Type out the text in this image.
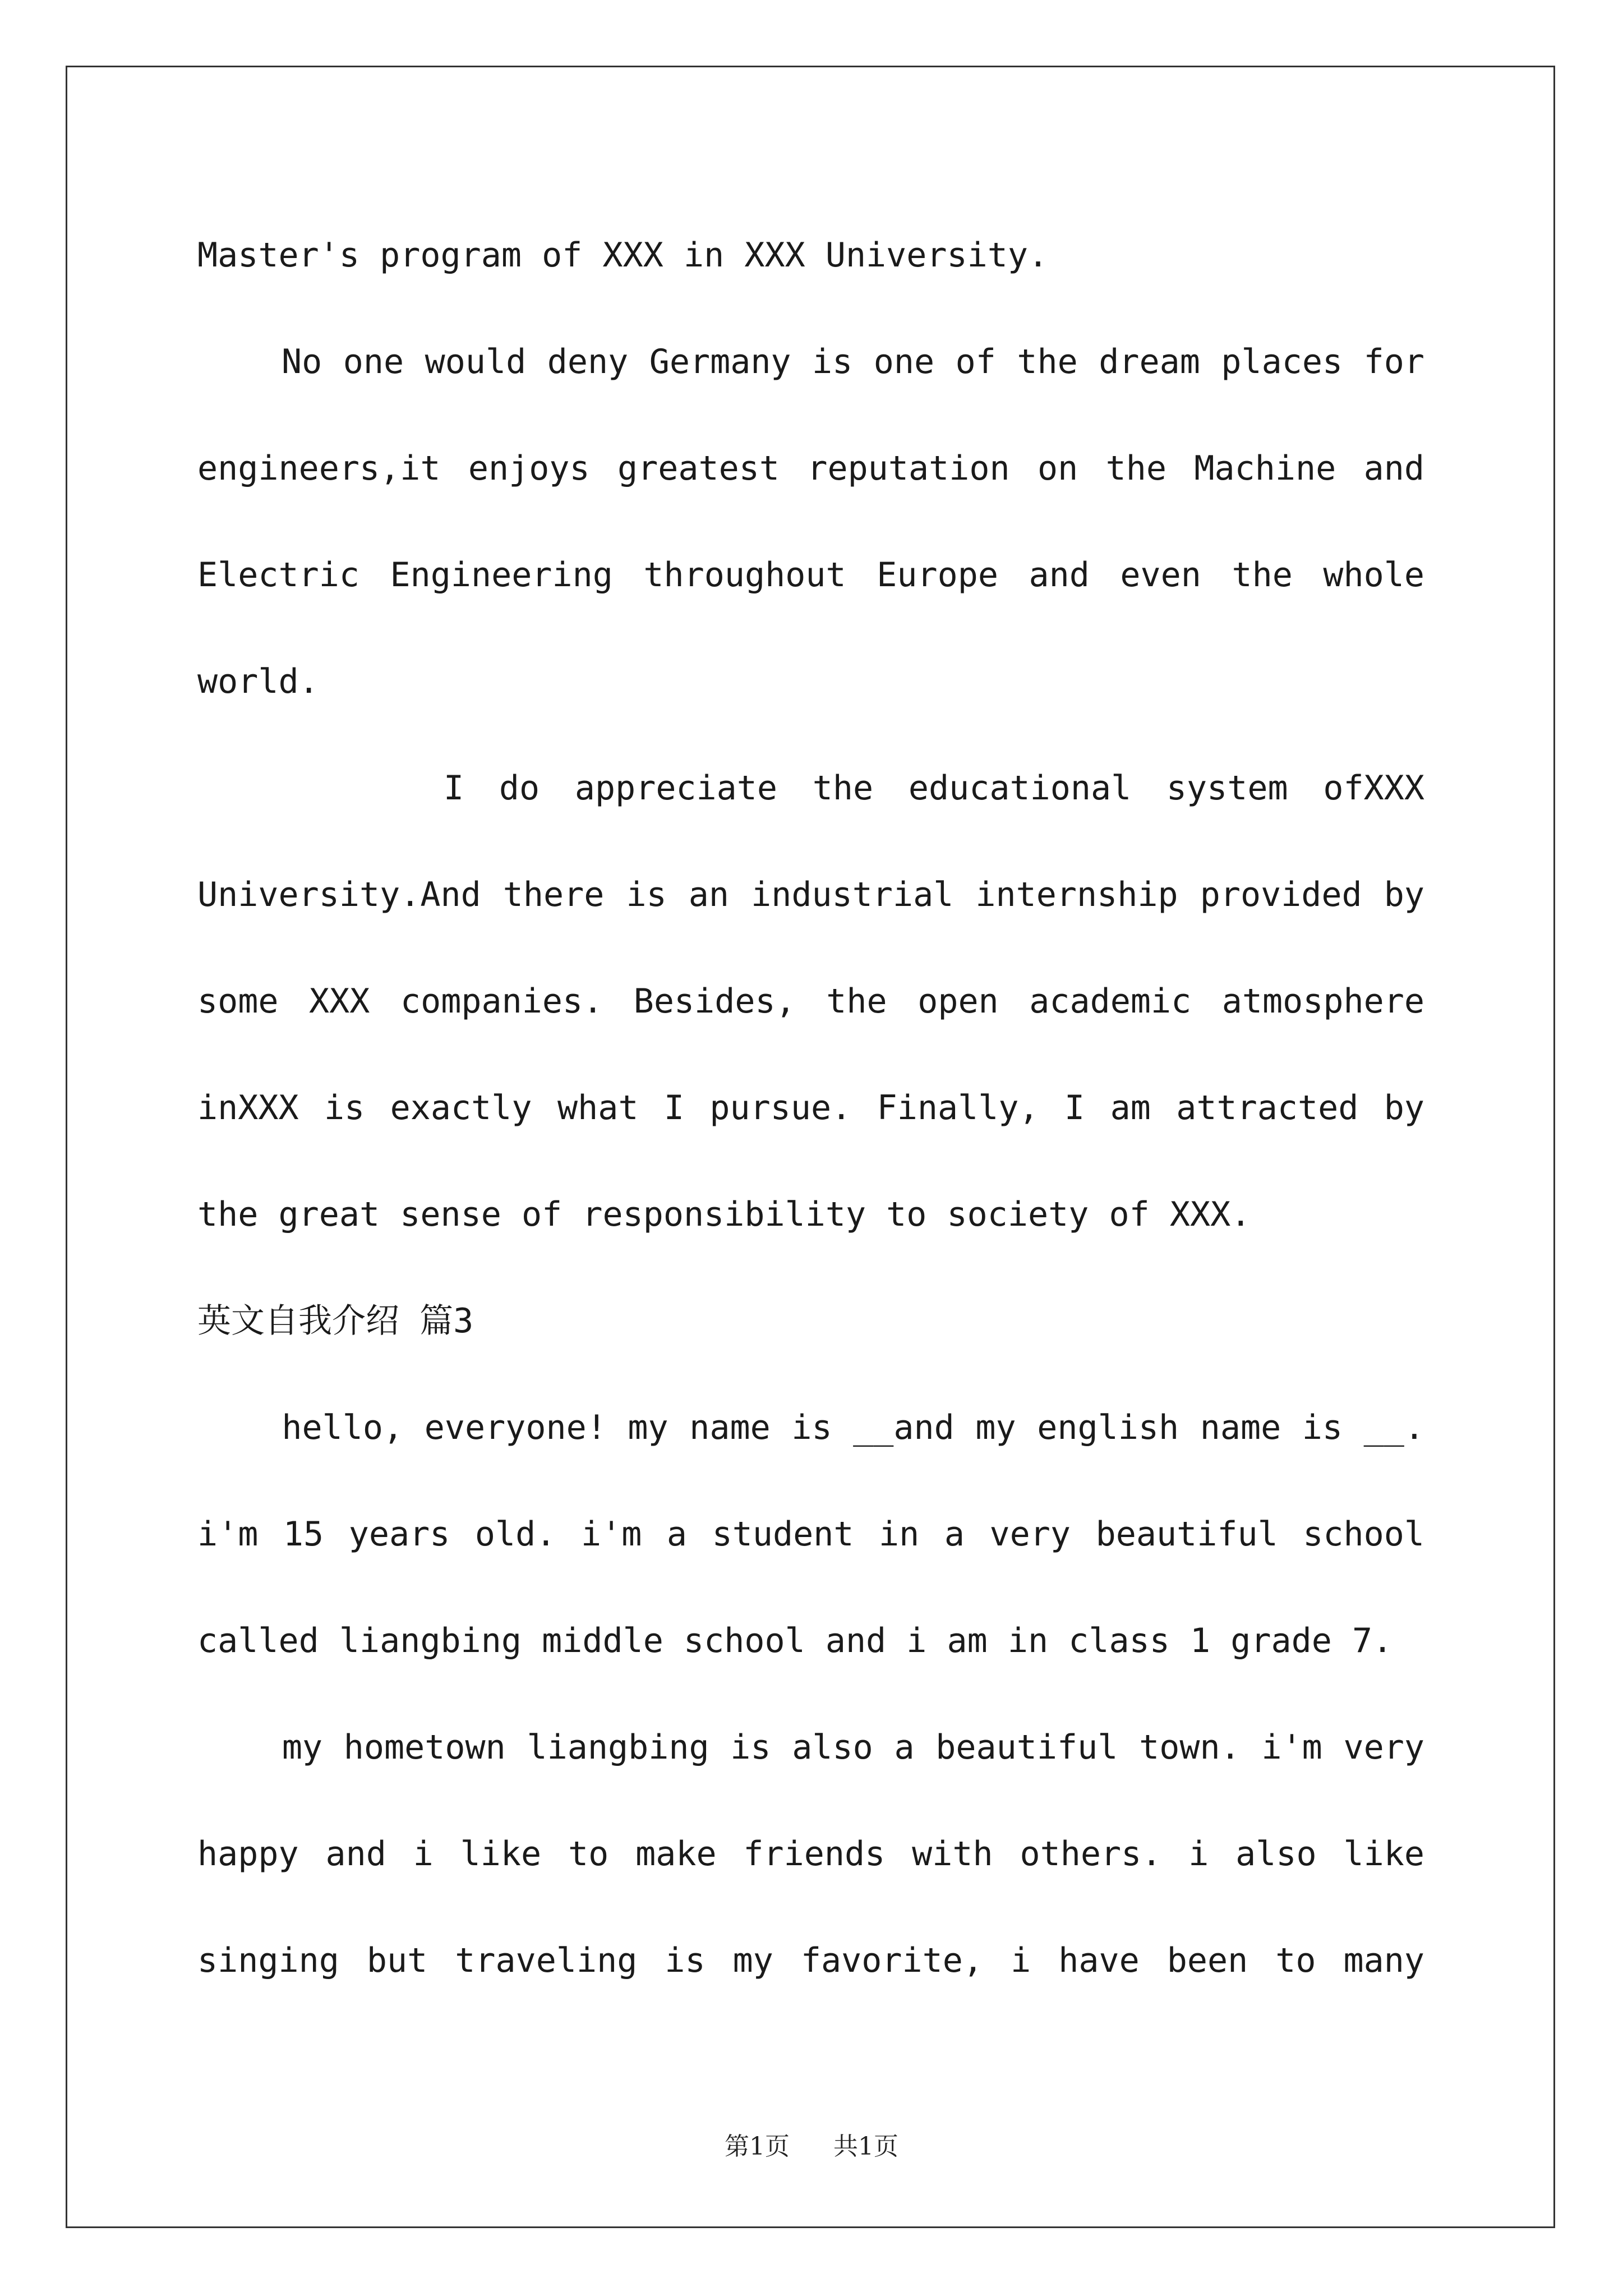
Master's program of XXX in XXX University.
No one would deny Germany is one of the dream places for
engineers,it enjoys greatest reputation on the Machine and
Electric Engineering throughout Europe and even the whole
world.
I do appreciate the educational system ofXXX
University.And there is an industrial internship provided by
some XXX companies. Besides, the open academic atmosphere
inXXX is exactly what I pursue. Finally, I am attracted by
the great sense of responsibility to society of XXX.
英文自我介绍 篇3
hello, everyone! my name is __and my english name is __.
i'm 15 years old. i'm a student in a very beautiful school
called liangbing middle school and i am in class 1 grade 7.
my hometown liangbing is also a beautiful town. i'm very
happy and i like to make friends with others. i also like
singing but traveling is my favorite, i have been to many
第1页 共1页
